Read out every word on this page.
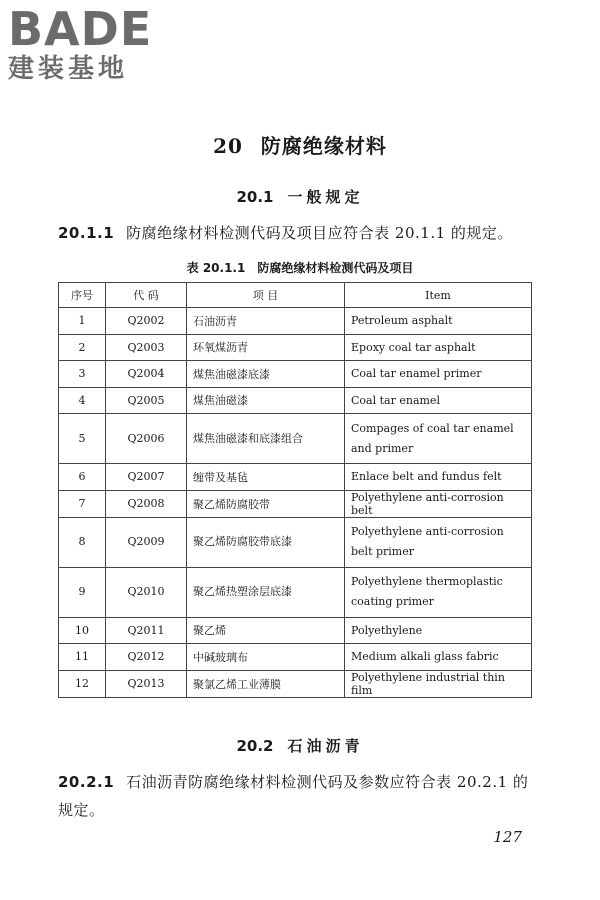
BADE
建装基地
20 防腐绝缘材料
20.1 一般规定
20.1.1 防腐绝缘材料检测代码及项目应符合表 20.1.1 的规定。
表 20.1.1 防腐绝缘材料检测代码及项目
序号	代 码	项 目	Item
1	Q2002	石油沥青	Petroleum asphalt
2	Q2003	环氧煤沥青	Epoxy coal tar asphalt
3	Q2004	煤焦油磁漆底漆	Coal tar enamel primer
4	Q2005	煤焦油磁漆	Coal tar enamel
5	Q2006	煤焦油磁漆和底漆组合	Compages of coal tar enamel and primer
6	Q2007	缠带及基毡	Enlace belt and fundus felt
7	Q2008	聚乙烯防腐胶带	Polyethylene anti-corrosion belt
8	Q2009	聚乙烯防腐胶带底漆	Polyethylene anti-corrosion belt primer
9	Q2010	聚乙烯热塑涂层底漆	Polyethylene thermoplastic coating primer
10	Q2011	聚乙烯	Polyethylene
11	Q2012	中碱玻璃布	Medium alkali glass fabric
12	Q2013	聚氯乙烯工业薄膜	Polyethylene industrial thin film
20.2 石油沥青
20.2.1 石油沥青防腐绝缘材料检测代码及参数应符合表 20.2.1 的规定。
127
